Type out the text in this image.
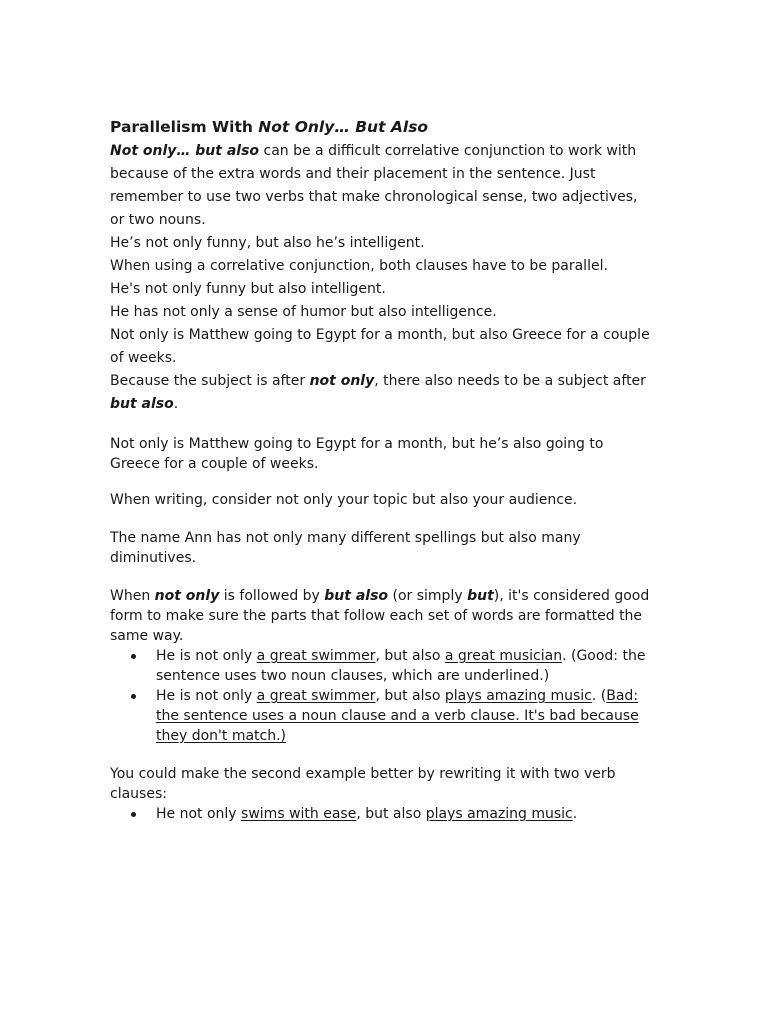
Parallelism With Not Only… But Also

Not only… but also can be a difficult correlative conjunction to work with because of the extra words and their placement in the sentence. Just remember to use two verbs that make chronological sense, two adjectives, or two nouns.

He’s not only funny, but also he’s intelligent.

When using a correlative conjunction, both clauses have to be parallel.

He's not only funny but also intelligent.

He has not only a sense of humor but also intelligence.

Not only is Matthew going to Egypt for a month, but also Greece for a couple of weeks.

Because the subject is after not only, there also needs to be a subject after but also.

Not only is Matthew going to Egypt for a month, but he’s also going to Greece for a couple of weeks.

When writing, consider not only your topic but also your audience.

The name Ann has not only many different spellings but also many diminutives.

When not only is followed by but also (or simply but), it's considered good form to make sure the parts that follow each set of words are formatted the same way.

He is not only a great swimmer, but also a great musician. (Good: the sentence uses two noun clauses, which are underlined.)
He is not only a great swimmer, but also plays amazing music. (Bad: the sentence uses a noun clause and a verb clause. It's bad because they don't match.)

You could make the second example better by rewriting it with two verb clauses:

He not only swims with ease, but also plays amazing music.
